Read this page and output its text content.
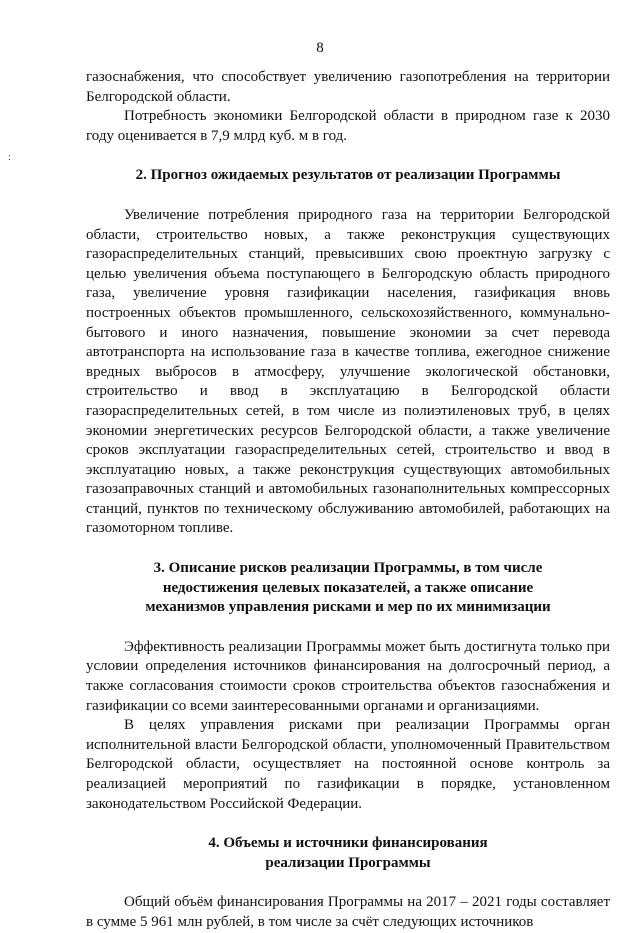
8
:

газоснабжения, что способствует увеличению газопотребления на территории Белгородской области.

Потребность экономики Белгородской области в природном газе к 2030 году оценивается в 7,9 млрд куб. м в год.

2. Прогноз ожидаемых результатов от реализации Программы

Увеличение потребления природного газа на территории Белгородской области, строительство новых, а также реконструкция существующих газораспределительных станций, превысивших свою проектную загрузку с целью увеличения объема поступающего в Белгородскую область природного газа, увеличение уровня газификации населения, газификация вновь построенных объектов промышленного, сельскохозяйственного, коммунально-бытового и иного назначения, повышение экономии за счет перевода автотранспорта на использование газа в качестве топлива, ежегодное снижение вредных выбросов в атмосферу, улучшение экологической обстановки, строительство и ввод в эксплуатацию в Белгородской области газораспределительных сетей, в том числе из полиэтиленовых труб, в целях экономии энергетических ресурсов Белгородской области, а также увеличение сроков эксплуатации газораспределительных сетей, строительство и ввод в эксплуатацию новых, а также реконструкция существующих автомобильных газозаправочных станций и автомобильных газонаполнительных компрессорных станций, пунктов по техническому обслуживанию автомобилей, работающих на газомоторном топливе.

3. Описание рисков реализации Программы, в том числе
недостижения целевых показателей, а также описание
механизмов управления рисками и мер по их минимизации

Эффективность реализации Программы может быть достигнута только при условии определения источников финансирования на долгосрочный период, а также согласования стоимости сроков строительства объектов газоснабжения и газификации со всеми заинтересованными органами и организациями.

В целях управления рисками при реализации Программы орган исполнительной власти Белгородской области, уполномоченный Правительством Белгородской области, осуществляет на постоянной основе контроль за реализацией мероприятий по газификации в порядке, установленном законодательством Российской Федерации.

4. Объемы и источники финансирования
реализации Программы

Общий объём финансирования Программы на 2017 – 2021 годы составляет в сумме 5 961 млн рублей, в том числе за счёт следующих источников
